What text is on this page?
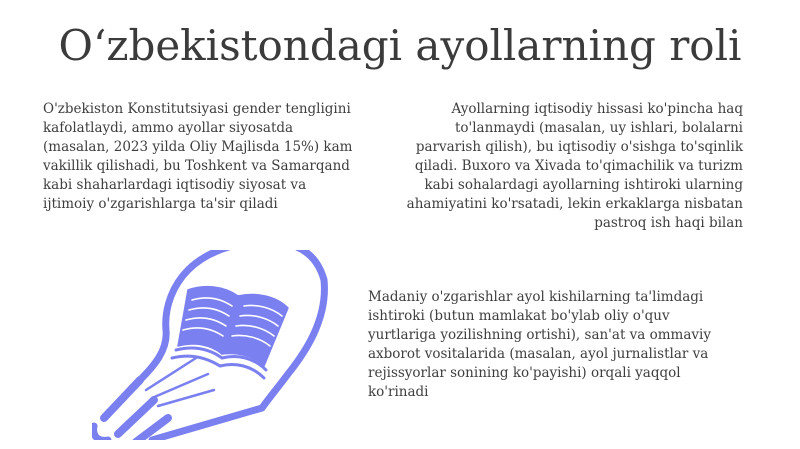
O‘zbekistondagi ayollarning roli

O'zbekiston Konstitutsiyasi gender tengligini kafolatlaydi, ammo ayollar siyosatda (masalan, 2023 yilda Oliy Majlisda 15%) kam vakillik qilishadi, bu Toshkent va Samarqand kabi shaharlardagi iqtisodiy siyosat va ijtimoiy o'zgarishlarga ta'sir qiladi

Ayollarning iqtisodiy hissasi ko'pincha haq to'lanmaydi (masalan, uy ishlari, bolalarni parvarish qilish), bu iqtisodiy o'sishga to'sqinlik qiladi. Buxoro va Xivada to'qimachilik va turizm kabi sohalardagi ayollarning ishtiroki ularning ahamiyatini ko'rsatadi, lekin erkaklarga nisbatan pastroq ish haqi bilan

Madaniy o'zgarishlar ayol kishilarning ta'limdagi ishtiroki (butun mamlakat bo'ylab oliy o'quv yurtlariga yozilishning ortishi), san'at va ommaviy axborot vositalarida (masalan, ayol jurnalistlar va rejissyorlar sonining ko'payishi) orqali yaqqol ko'rinadi
